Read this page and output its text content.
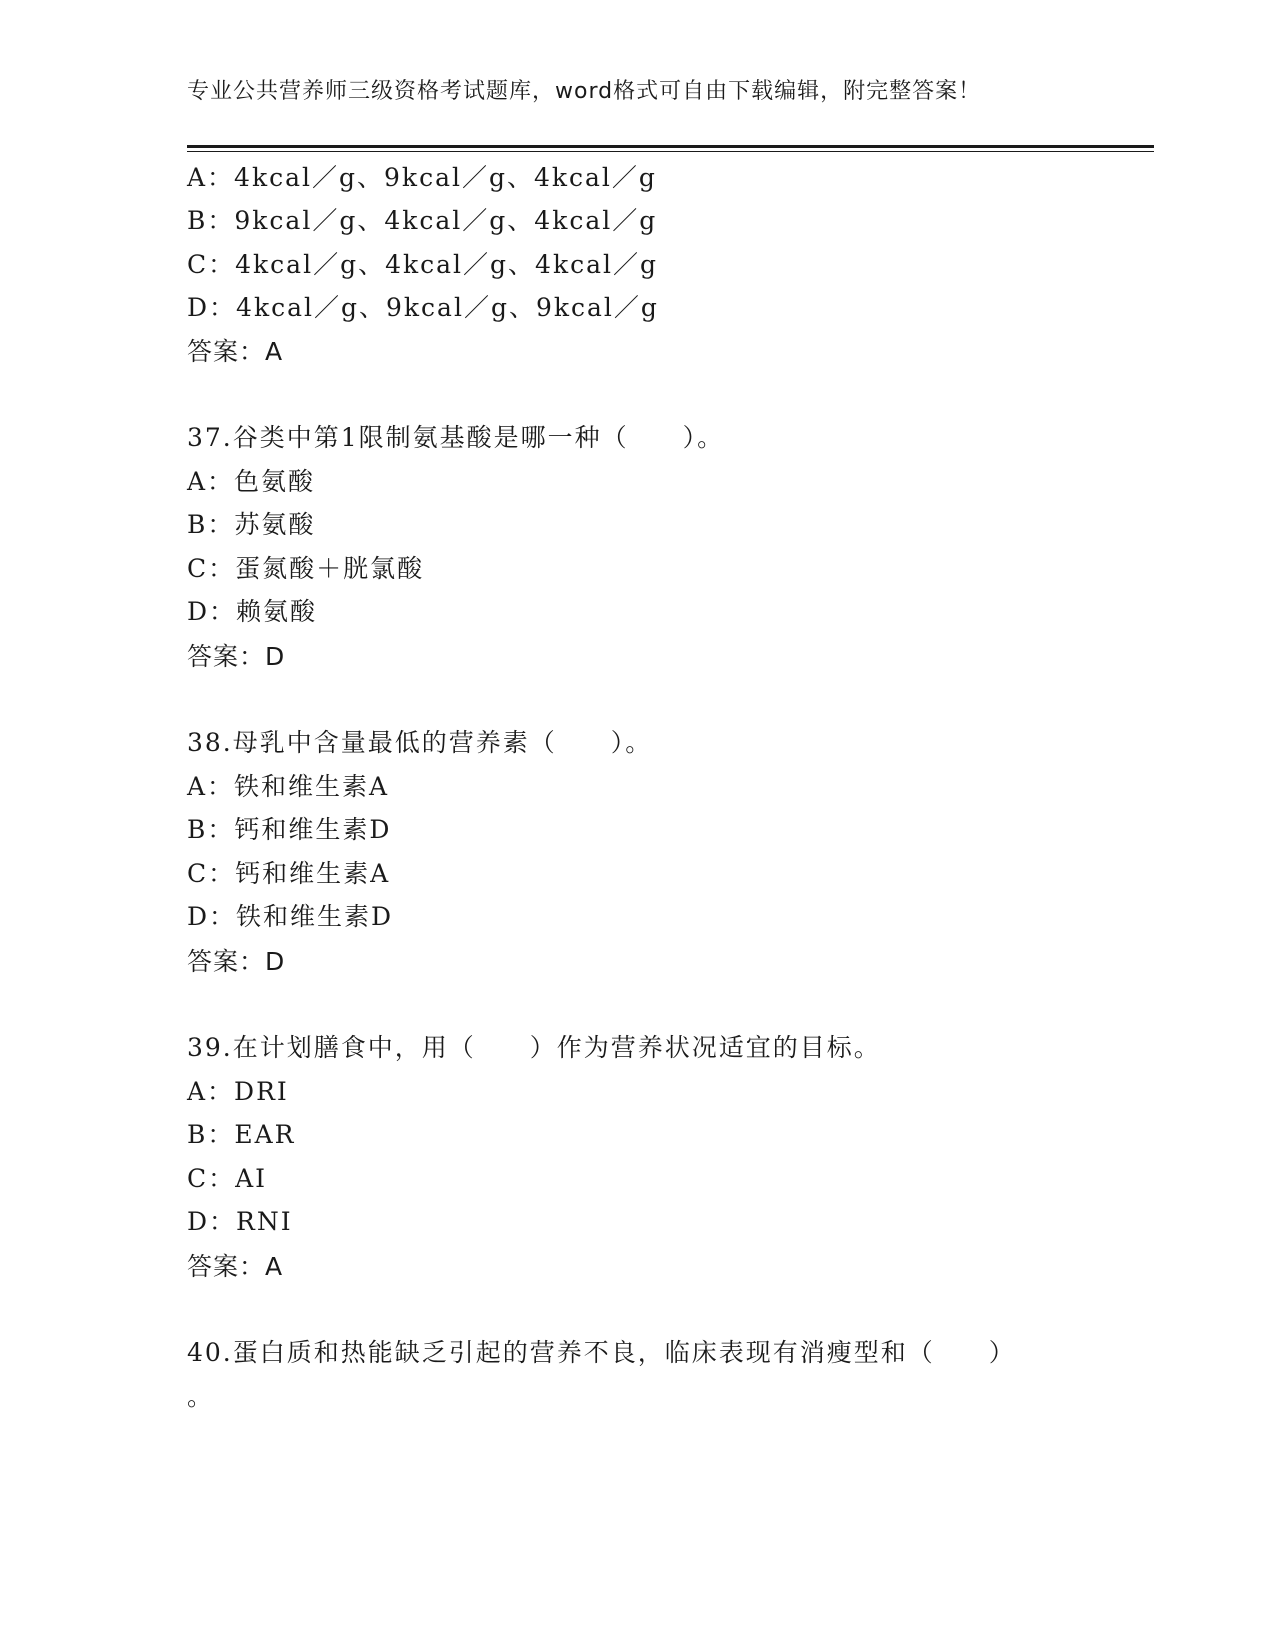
专业公共营养师三级资格考试题库，word格式可自由下载编辑，附完整答案！
A：4kcal／g、9kcal／g、4kcal／g
B：9kcal／g、4kcal／g、4kcal／g
C：4kcal／g、4kcal／g、4kcal／g
D：4kcal／g、9kcal／g、9kcal／g
答案：A
37.谷类中第1限制氨基酸是哪一种（　　）。
A：色氨酸
B：苏氨酸
C：蛋氮酸＋胱氯酸
D：赖氨酸
答案：D
38.母乳中含量最低的营养素（　　）。
A：铁和维生素A
B：钙和维生素D
C：钙和维生素A
D：铁和维生素D
答案：D
39.在计划膳食中，用（　　）作为营养状况适宜的目标。
A：DRI
B：EAR
C：AI
D：RNI
答案：A
40.蛋白质和热能缺乏引起的营养不良，临床表现有消瘦型和（　　）
。
